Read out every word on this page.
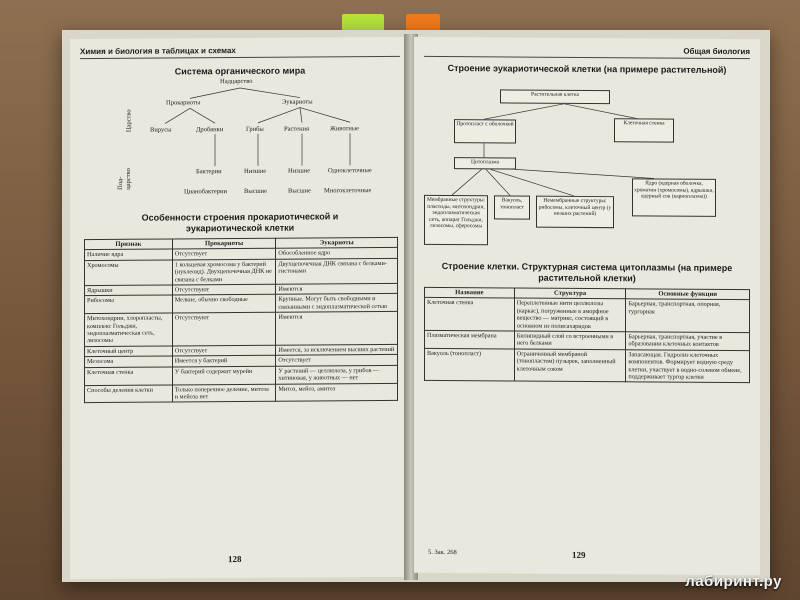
Химия и биология в таблицах и схемах
Система органического мира
Надцарство
Прокариоты	Эукариоты
Царство
Под-царство
Вирусы	Дробянки	Грибы	Растения	Животные
Бактерии
Цианобактерии
Низшие
Высшие
Низшие
Высшие
Одноклеточные
Многоклеточные
Особенности строения прокариотической и эукариотической клетки
Признак	Прокариоты	Эукариоты
Наличие ядра	Отсутствует	Обособленное ядро
Хромосомы	1 кольцевая хромосома у бактерий (нуклеоид). Двухцепочечная ДНК не связана с белками	Двухцепочечная ДНК связана с белками-гистонами
Ядрышки	Отсутствуют	Имеются
Рибосомы	Мелкие, обычно свободные	Крупные. Могут быть свободными и связанными с эндоплазматической сетью
Митохондрии, хлоропласты, комплекс Гольджи, эндоплазматическая сеть, лизосомы	Отсутствуют	Имеются
Клеточный центр	Отсутствует	Имеется, за исключением высших растений
Мезосома	Имеется у бактерий	Отсутствует
Клеточная стенка	У бактерий содержит мурейн	У растений — целлюлоза, у грибов — хитиновая, у животных — нет
Способы деления клетки	Только поперечное деление, митоза и мейоза нет	Митоз, мейоз, амитоз
128
Общая биология
Строение эукариотической клетки (на примере растительной)
Растительная клетка
Протопласт с оболочкой	Клеточная стенка
Цитоплазма
Мембранные структуры: пластиды, митохондрии, эндоплазматическая сеть, аппарат Гольджи, лизосомы, сферосомы
Вакуоль, тонопласт
Немембранные структуры: рибосомы, клеточный центр (у низших растений)
Ядро (ядерная оболочка, хроматин (хромосомы), ядрышки, ядерный сок (кариоплазма))
Строение клетки. Структурная система цитоплазмы (на примере растительной клетки)
Название	Структура	Основные функции
Клеточная стенка	Переплетенные нити целлюлозы (каркас), погруженные в аморфное вещество — матрикс, состоящий в основном из полисахаридов	Барьерная, транспортная, опорная, тургорная
Плазматическая мембрана	Билипидный слой со встроенными в него белками	Барьерная, транспортная, участие в образовании клеточных контактов
Вакуоль (тонопласт)	Ограниченный мембраной (тонопластом) пузырек, заполненный клеточным соком	Запасающая. Гидролиз клеточных компонентов. Формирует водную среду клетки, участвует в водно-солевом обмене, поддерживает тургор клетки
5. Зак. 268	129
лабиринт.ру
